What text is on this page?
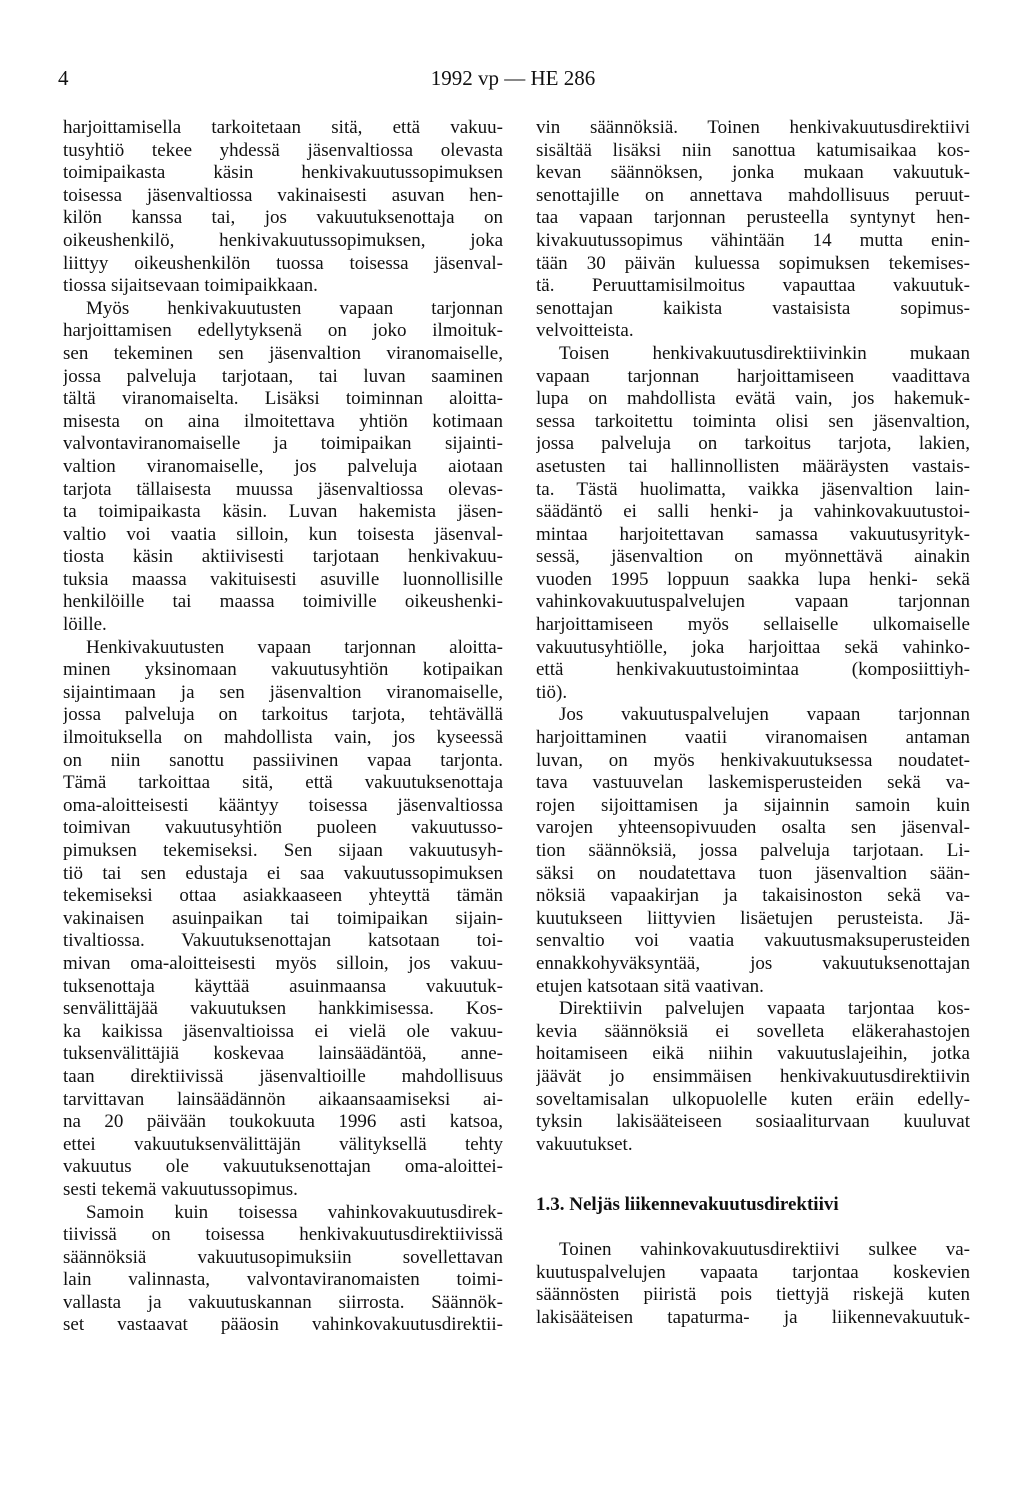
4	1992 vp — HE 286
harjoittamisella tarkoitetaan sitä, että vakuu-
tusyhtiö tekee yhdessä jäsenvaltiossa olevasta
toimipaikasta käsin henkivakuutussopimuksen
toisessa jäsenvaltiossa vakinaisesti asuvan hen-
kilön kanssa tai, jos vakuutuksenottaja on
oikeushenkilö, henkivakuutussopimuksen, joka
liittyy oikeushenkilön tuossa toisessa jäsenval-
tiossa sijaitsevaan toimipaikkaan.
Myös henkivakuutusten vapaan tarjonnan
harjoittamisen edellytyksenä on joko ilmoituk-
sen tekeminen sen jäsenvaltion viranomaiselle,
jossa palveluja tarjotaan, tai luvan saaminen
tältä viranomaiselta. Lisäksi toiminnan aloitta-
misesta on aina ilmoitettava yhtiön kotimaan
valvontaviranomaiselle ja toimipaikan sijainti-
valtion viranomaiselle, jos palveluja aiotaan
tarjota tällaisesta muussa jäsenvaltiossa olevas-
ta toimipaikasta käsin. Luvan hakemista jäsen-
valtio voi vaatia silloin, kun toisesta jäsenval-
tiosta käsin aktiivisesti tarjotaan henkivakuu-
tuksia maassa vakituisesti asuville luonnollisille
henkilöille tai maassa toimiville oikeushenki-
löille.
Henkivakuutusten vapaan tarjonnan aloitta-
minen yksinomaan vakuutusyhtiön kotipaikan
sijaintimaan ja sen jäsenvaltion viranomaiselle,
jossa palveluja on tarkoitus tarjota, tehtävällä
ilmoituksella on mahdollista vain, jos kyseessä
on niin sanottu passiivinen vapaa tarjonta.
Tämä tarkoittaa sitä, että vakuutuksenottaja
oma-aloitteisesti kääntyy toisessa jäsenvaltiossa
toimivan vakuutusyhtiön puoleen vakuutusso-
pimuksen tekemiseksi. Sen sijaan vakuutusyh-
tiö tai sen edustaja ei saa vakuutussopimuksen
tekemiseksi ottaa asiakkaaseen yhteyttä tämän
vakinaisen asuinpaikan tai toimipaikan sijain-
tivaltiossa. Vakuutuksenottajan katsotaan toi-
mivan oma-aloitteisesti myös silloin, jos vakuu-
tuksenottaja käyttää asuinmaansa vakuutuk-
senvälittäjää vakuutuksen hankkimisessa. Kos-
ka kaikissa jäsenvaltioissa ei vielä ole vakuu-
tuksenvälittäjiä koskevaa lainsäädäntöä, anne-
taan direktiivissä jäsenvaltioille mahdollisuus
tarvittavan lainsäädännön aikaansaamiseksi ai-
na 20 päivään toukokuuta 1996 asti katsoa,
ettei vakuutuksenvälittäjän välityksellä tehty
vakuutus ole vakuutuksenottajan oma-aloittei-
sesti tekemä vakuutussopimus.
Samoin kuin toisessa vahinkovakuutusdirek-
tiivissä on toisessa henkivakuutusdirektiivissä
säännöksiä vakuutusopimuksiin sovellettavan
lain valinnasta, valvontaviranomaisten toimi-
vallasta ja vakuutuskannan siirrosta. Säännök-
set vastaavat pääosin vahinkovakuutusdirektii-
vin säännöksiä. Toinen henkivakuutusdirektiivi
sisältää lisäksi niin sanottua katumisaikaa kos-
kevan säännöksen, jonka mukaan vakuutuk-
senottajille on annettava mahdollisuus peruut-
taa vapaan tarjonnan perusteella syntynyt hen-
kivakuutussopimus vähintään 14 mutta enin-
tään 30 päivän kuluessa sopimuksen tekemises-
tä. Peruuttamisilmoitus vapauttaa vakuutuk-
senottajan kaikista vastaisista sopimus-
velvoitteista.
Toisen henkivakuutusdirektiivinkin mukaan
vapaan tarjonnan harjoittamiseen vaadittava
lupa on mahdollista evätä vain, jos hakemuk-
sessa tarkoitettu toiminta olisi sen jäsenvaltion,
jossa palveluja on tarkoitus tarjota, lakien,
asetusten tai hallinnollisten määräysten vastais-
ta. Tästä huolimatta, vaikka jäsenvaltion lain-
säädäntö ei salli henki- ja vahinkovakuutustoi-
mintaa harjoitettavan samassa vakuutusyrityk-
sessä, jäsenvaltion on myönnettävä ainakin
vuoden 1995 loppuun saakka lupa henki- sekä
vahinkovakuutuspalvelujen vapaan tarjonnan
harjoittamiseen myös sellaiselle ulkomaiselle
vakuutusyhtiölle, joka harjoittaa sekä vahinko-
että henkivakuutustoimintaa (komposiittiyh-
tiö).
Jos vakuutuspalvelujen vapaan tarjonnan
harjoittaminen vaatii viranomaisen antaman
luvan, on myös henkivakuutuksessa noudatet-
tava vastuuvelan laskemisperusteiden sekä va-
rojen sijoittamisen ja sijainnin samoin kuin
varojen yhteensopivuuden osalta sen jäsenval-
tion säännöksiä, jossa palveluja tarjotaan. Li-
säksi on noudatettava tuon jäsenvaltion sään-
nöksiä vapaakirjan ja takaisinoston sekä va-
kuutukseen liittyvien lisäetujen perusteista. Jä-
senvaltio voi vaatia vakuutusmaksuperusteiden
ennakkohyväksyntää, jos vakuutuksenottajan
etujen katsotaan sitä vaativan.
Direktiivin palvelujen vapaata tarjontaa kos-
kevia säännöksiä ei sovelleta eläkerahastojen
hoitamiseen eikä niihin vakuutuslajeihin, jotka
jäävät jo ensimmäisen henkivakuutusdirektiivin
soveltamisalan ulkopuolelle kuten eräin edelly-
tyksin lakisääteiseen sosiaaliturvaan kuuluvat
vakuutukset.
1.3. Neljäs liikennevakuutusdirektiivi
Toinen vahinkovakuutusdirektiivi sulkee va-
kuutuspalvelujen vapaata tarjontaa koskevien
säännösten piiristä pois tiettyjä riskejä kuten
lakisääteisen tapaturma- ja liikennevakuutuk-
